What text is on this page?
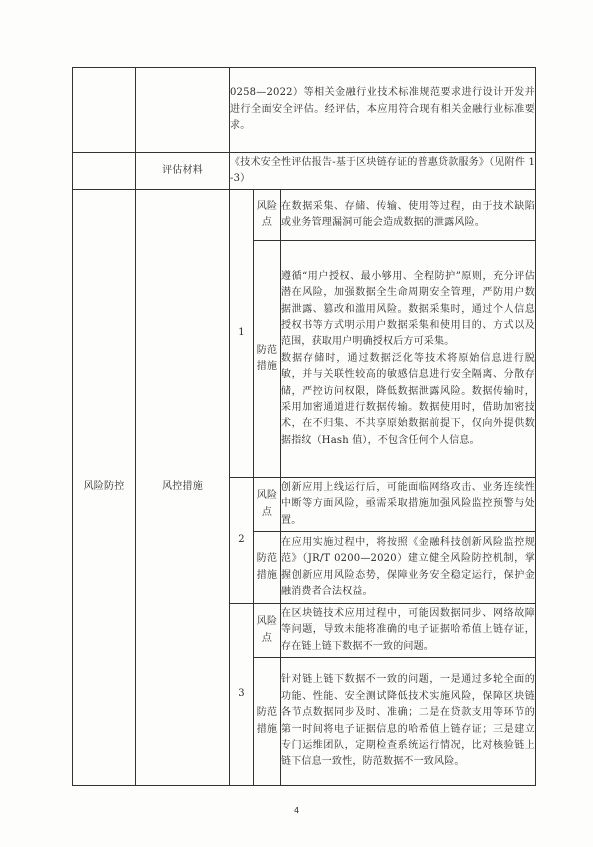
		0258—2022）等相关金融行业技术标准规范要求进行设计开发并进行全面安全评估。经评估，本应用符合现有相关金融行业标准要求。		
	评估材料	《技术安全性评估报告-基于区块链存证的普惠贷款服务》（见附件 1-3）		
风险防控	风控措施	1	风险点	在数据采集、存储、传输、使用等过程，由于技术缺陷或业务管理漏洞可能会造成数据的泄露风险。
			防范措施	遵循“用户授权、最小够用、全程防护”原则，充分评估潜在风险，加强数据全生命周期安全管理，严防用户数据泄露、篡改和滥用风险。数据采集时，通过个人信息授权书等方式明示用户数据采集和使用目的、方式以及范围，获取用户明确授权后方可采集。
数据存储时，通过数据泛化等技术将原始信息进行脱敏，并与关联性较高的敏感信息进行安全隔离、分散存储，严控访问权限，降低数据泄露风险。数据传输时，采用加密通道进行数据传输。数据使用时，借助加密技术，在不归集、不共享原始数据前提下，仅向外提供数据指纹（Hash 值），不包含任何个人信息。

		2	风险点	创新应用上线运行后，可能面临网络攻击、业务连续性中断等方面风险，亟需采取措施加强风险监控预警与处置。
			防范措施	在应用实施过程中，将按照《金融科技创新风险监控规范》（JR/T 0200—2020）建立健全风险防控机制，掌握创新应用风险态势，保障业务安全稳定运行，保护金融消费者合法权益。
		3	风险点	在区块链技术应用过程中，可能因数据同步、网络故障等问题，导致未能将准确的电子证据哈希值上链存证，存在链上链下数据不一致的问题。
			防范措施	针对链上链下数据不一致的问题，一是通过多轮全面的功能、性能、安全测试降低技术实施风险，保障区块链各节点数据同步及时、准确；二是在贷款支用等环节的第一时间将电子证据信息的哈希值上链存证；三是建立专门运维团队，定期检查系统运行情况，比对核验链上链下信息一致性，防范数据不一致风险。
4
